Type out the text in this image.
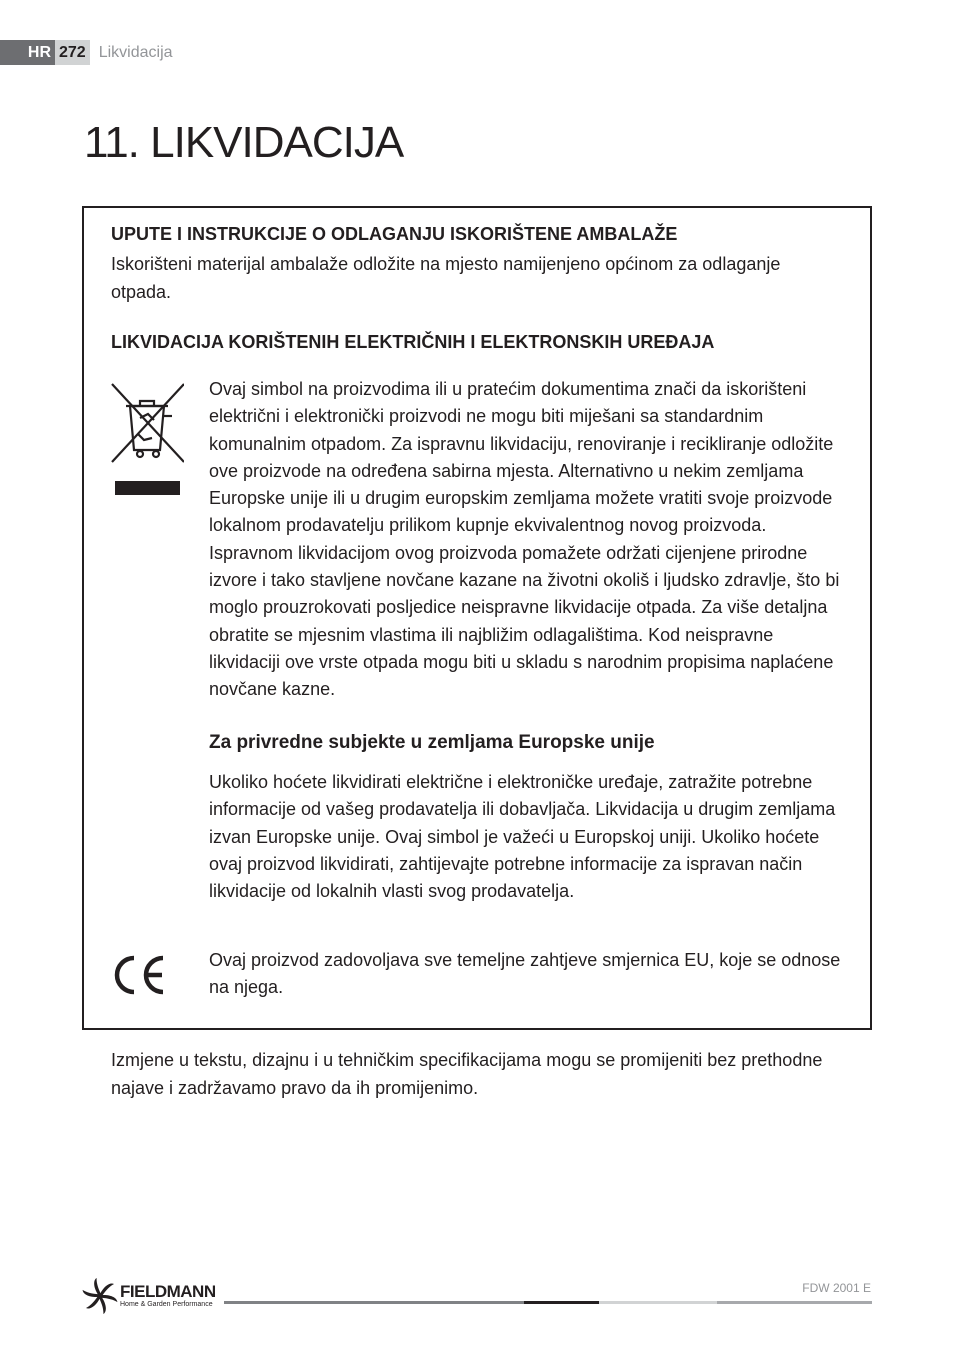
HR 272 Likvidacija
11. LIKVIDACIJA
UPUTE I INSTRUKCIJE O ODLAGANJU ISKORIŠTENE AMBALAŽE

Iskorišteni materijal ambalaže odložite na mjesto namijenjeno općinom za odlaganje otpada.

LIKVIDACIJA KORIŠTENIH ELEKTRIČNIH I ELEKTRONSKIH UREĐAJA

Ovaj simbol na proizvodima ili u pratećim dokumentima znači da iskorišteni električni i elektronički proizvodi ne mogu biti miješani sa standardnim komunalnim otpadom. Za ispravnu likvidaciju, renoviranje i recikliranje odložite ove proizvode na određena sabirna mjesta. Alternativno u nekim zemljama Europske unije ili u drugim europskim zemljama možete vratiti svoje proizvode lokalnom prodavatelju prilikom kupnje ekvivalentnog novog proizvoda. Ispravnom likvidacijom ovog proizvoda pomažete održati cijenjene prirodne izvore i tako stavljene novčane kazane na životni okoliš i ljudsko zdravlje, što bi moglo prouzrokovati posljedice neispravne likvidacije otpada. Za više detaljna obratite se mjesnim vlastima ili najbližim odlagalištima. Kod neispravne likvidaciji ove vrste otpada mogu biti u skladu s narodnim propisima naplaćene novčane kazne.

Za privredne subjekte u zemljama Europske unije

Ukoliko hoćete likvidirati električne i elektroničke uređaje, zatražite potrebne informacije od vašeg prodavatelja ili dobavljača. Likvidacija u drugim zemljama izvan Europske unije. Ovaj simbol je važeći u Europskoj uniji. Ukoliko hoćete ovaj proizvod likvidirati, zahtijevajte potrebne informacije za ispravan način likvidacije od lokalnih vlasti svog prodavatelja.

Ovaj proizvod zadovoljava sve temeljne zahtjeve smjernica EU, koje se odnose na njega.

Izmjene u tekstu, dizajnu i u tehničkim specifikacijama mogu se promijeniti bez prethodne najave i zadržavamo pravo da ih promijenimo.

FIELDMANN
Home & Garden Performance
FDW 2001 E
